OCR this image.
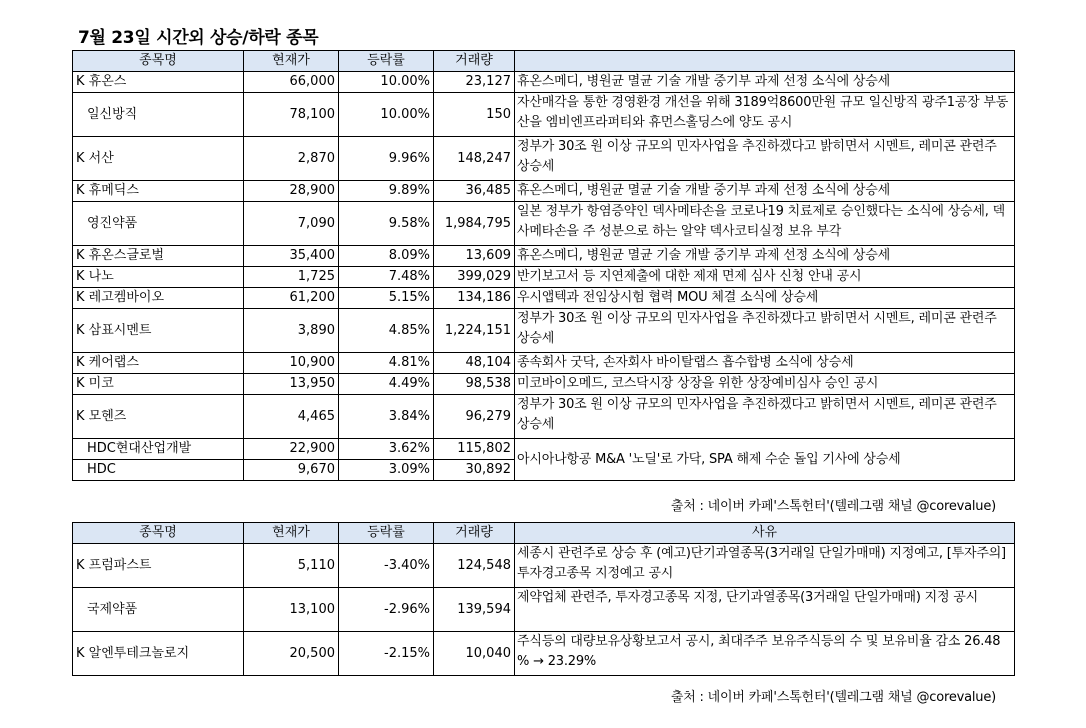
7월 23일 시간외 상승/하락 종목
종목명	현재가	등락률	거래량	
K 휴온스	66,000	10.00%	23,127	휴온스메디, 병원균 멸균 기술 개발 중기부 과제 선정 소식에 상승세
일신방직	78,100	10.00%	150	자산매각을 통한 경영환경 개선을 위해 3189억8600만원 규모 일신방직 광주1공장 부동산을 엠비엔프라퍼티와 휴먼스홀딩스에 양도 공시
K 서산	2,870	9.96%	148,247	정부가 30조 원 이상 규모의 민자사업을 추진하겠다고 밝히면서 시멘트, 레미콘 관련주 상승세
K 휴메딕스	28,900	9.89%	36,485	휴온스메디, 병원균 멸균 기술 개발 중기부 과제 선정 소식에 상승세
영진약품	7,090	9.58%	1,984,795	일본 정부가 항염증약인 덱사메타손을 코로나19 치료제로 승인했다는 소식에 상승세, 덱사메타손을 주 성분으로 하는 알약 덱사코티실정 보유 부각
K 휴온스글로벌	35,400	8.09%	13,609	휴온스메디, 병원균 멸균 기술 개발 중기부 과제 선정 소식에 상승세
K 나노	1,725	7.48%	399,029	반기보고서 등 지연제출에 대한 제재 면제 심사 신청 안내 공시
K 레고켐바이오	61,200	5.15%	134,186	우시앱텍과 전임상시험 협력 MOU 체결 소식에 상승세
K 삼표시멘트	3,890	4.85%	1,224,151	정부가 30조 원 이상 규모의 민자사업을 추진하겠다고 밝히면서 시멘트, 레미콘 관련주 상승세
K 케어랩스	10,900	4.81%	48,104	종속회사 굿닥, 손자회사 바이탈랩스 흡수합병 소식에 상승세
K 미코	13,950	4.49%	98,538	미코바이오메드, 코스닥시장 상장을 위한 상장예비심사 승인 공시
K 모헨즈	4,465	3.84%	96,279	정부가 30조 원 이상 규모의 민자사업을 추진하겠다고 밝히면서 시멘트, 레미콘 관련주 상승세
HDC현대산업개발	22,900	3.62%	115,802	아시아나항공 M&A '노딜'로 가닥, SPA 해제 수순 돌입 기사에 상승세
HDC	9,670	3.09%	30,892	
출처 : 네이버 카페'스톡헌터'(텔레그램 채널 @corevalue)
종목명	현재가	등락률	거래량	사유
K 프럼파스트	5,110	-3.40%	124,548	세종시 관련주로 상승 후 (예고)단기과열종목(3거래일 단일가매매) 지정예고, [투자주의]투자경고종목 지정예고 공시
국제약품	13,100	-2.96%	139,594	제약업체 관련주, 투자경고종목 지정, 단기과열종목(3거래일 단일가매매) 지정 공시
K 알엔투테크놀로지	20,500	-2.15%	10,040	주식등의 대량보유상황보고서 공시, 최대주주 보유주식등의 수 및 보유비율 감소 26.48 % → 23.29%
출처 : 네이버 카페'스톡헌터'(텔레그램 채널 @corevalue)
